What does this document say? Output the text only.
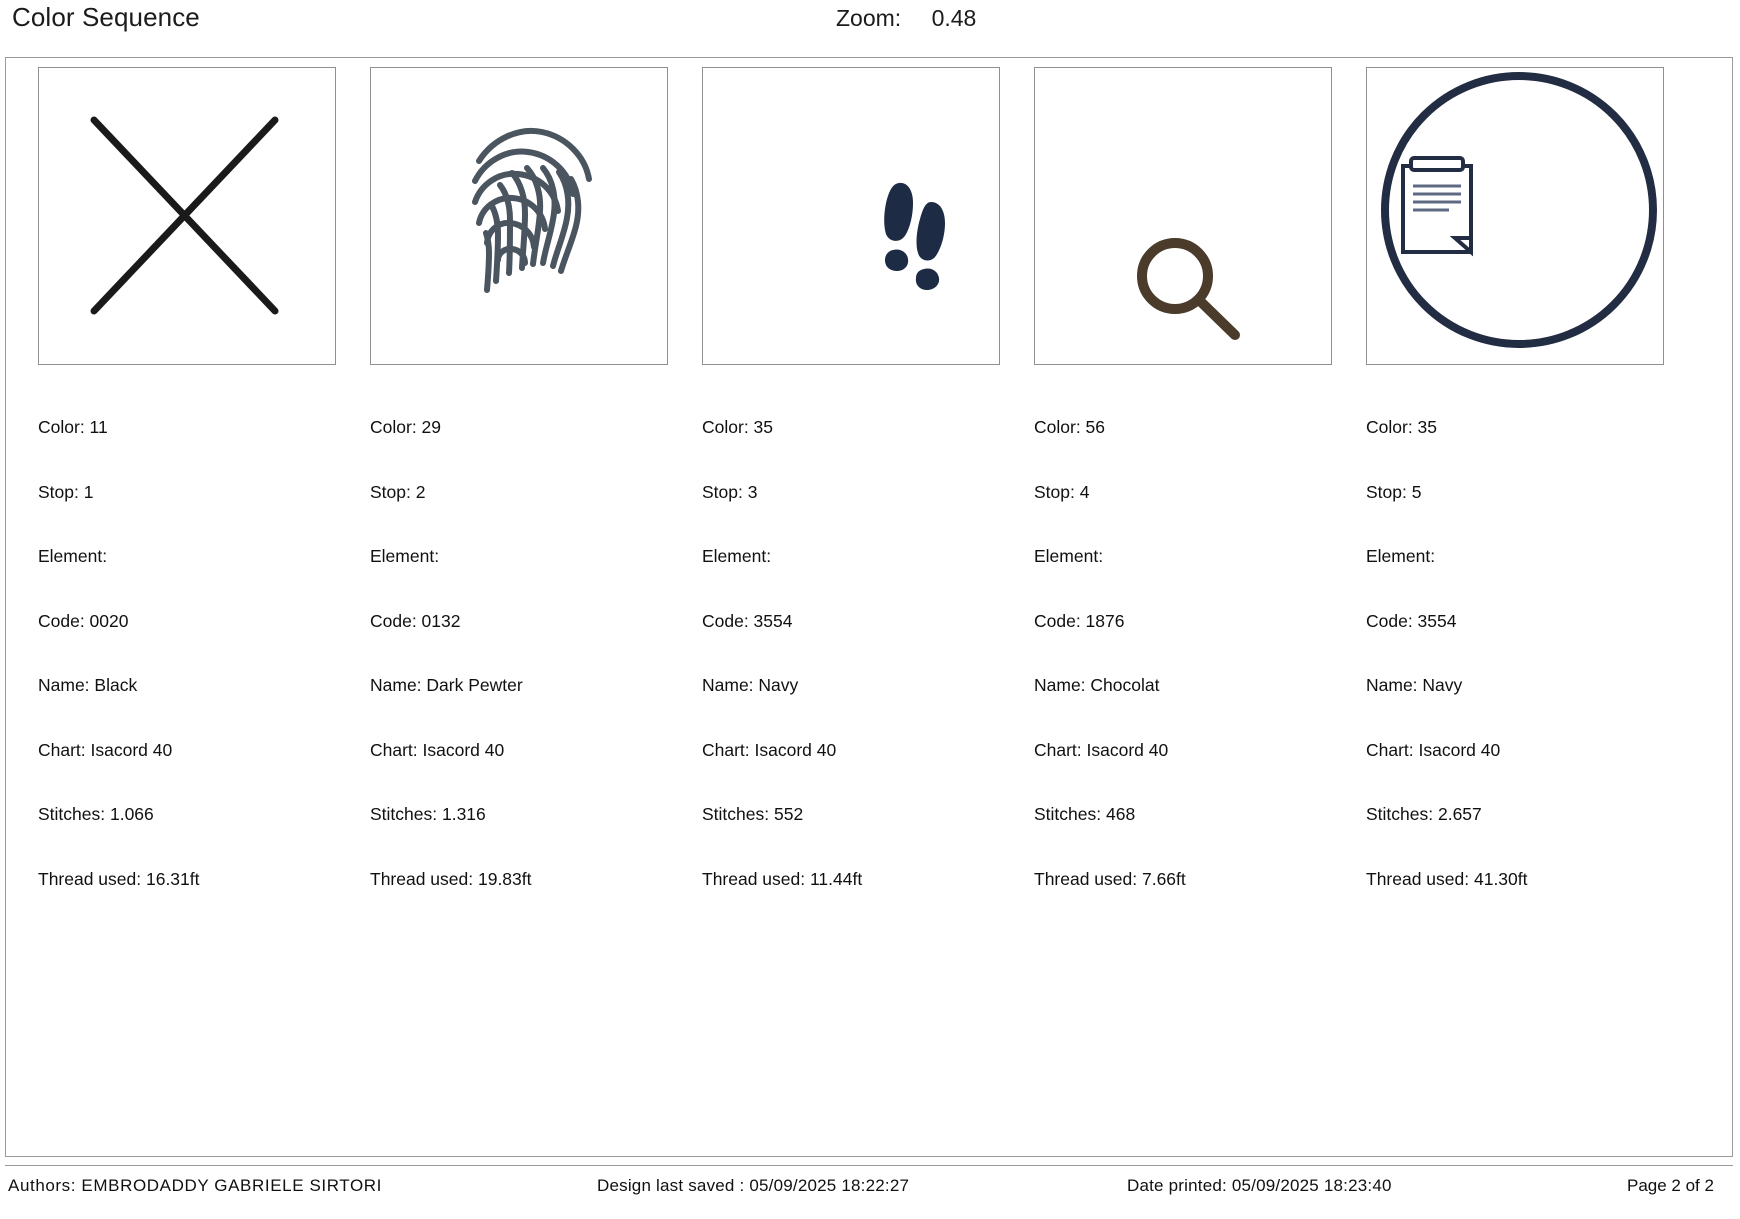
Color Sequence	Zoom: 0.48

Color: 11

Stop: 1

Element:

Code: 0020

Name: Black

Chart: Isacord 40

Stitches: 1.066

Thread used: 16.31ft

Color: 29

Stop: 2

Element:

Code: 0132

Name: Dark Pewter

Chart: Isacord 40

Stitches: 1.316

Thread used: 19.83ft

Color: 35

Stop: 3

Element:

Code: 3554

Name: Navy

Chart: Isacord 40

Stitches: 552

Thread used: 11.44ft

Color: 56

Stop: 4

Element:

Code: 1876

Name: Chocolat

Chart: Isacord 40

Stitches: 468

Thread used: 7.66ft

Color: 35

Stop: 5

Element:

Code: 3554

Name: Navy

Chart: Isacord 40

Stitches: 2.657

Thread used: 41.30ft

Authors: EMBRODADDY GABRIELE SIRTORI	Design last saved : 05/09/2025 18:22:27	Date printed: 05/09/2025 18:23:40	Page 2 of 2
